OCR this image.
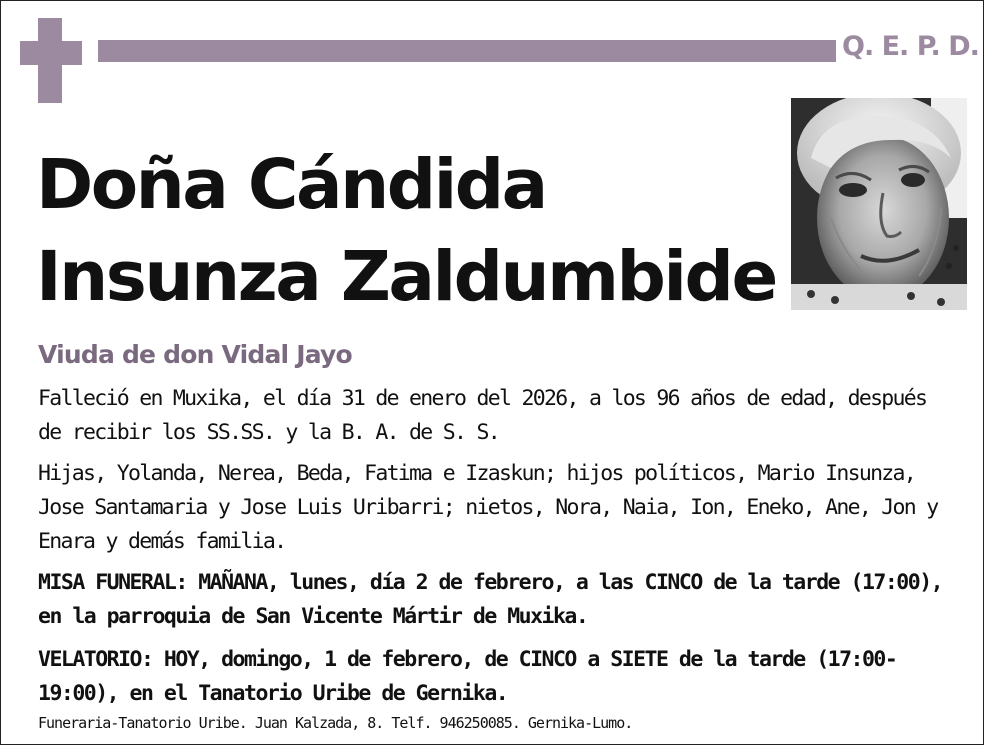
Q. E. P. D.
Doña Cándida
Insunza Zaldumbide

Viuda de don Vidal Jayo

Falleció en Muxika, el día 31 de enero del 2026, a los 96 años de edad, después de recibir los SS.SS. y la B. A. de S. S.

Hijas, Yolanda, Nerea, Beda, Fatima e Izaskun; hijos políticos, Mario Insunza, Jose Santamaria y Jose Luis Uribarri; nietos, Nora, Naia, Ion, Eneko, Ane, Jon y Enara y demás familia.

MISA FUNERAL: MAÑANA, lunes, día 2 de febrero, a las CINCO de la tarde (17:00), en la parroquia de San Vicente Mártir de Muxika.

VELATORIO: HOY, domingo, 1 de febrero, de CINCO a SIETE de la tarde (17:00-19:00), en el Tanatorio Uribe de Gernika.

Funeraria-Tanatorio Uribe. Juan Kalzada, 8. Telf. 946250085. Gernika-Lumo.
